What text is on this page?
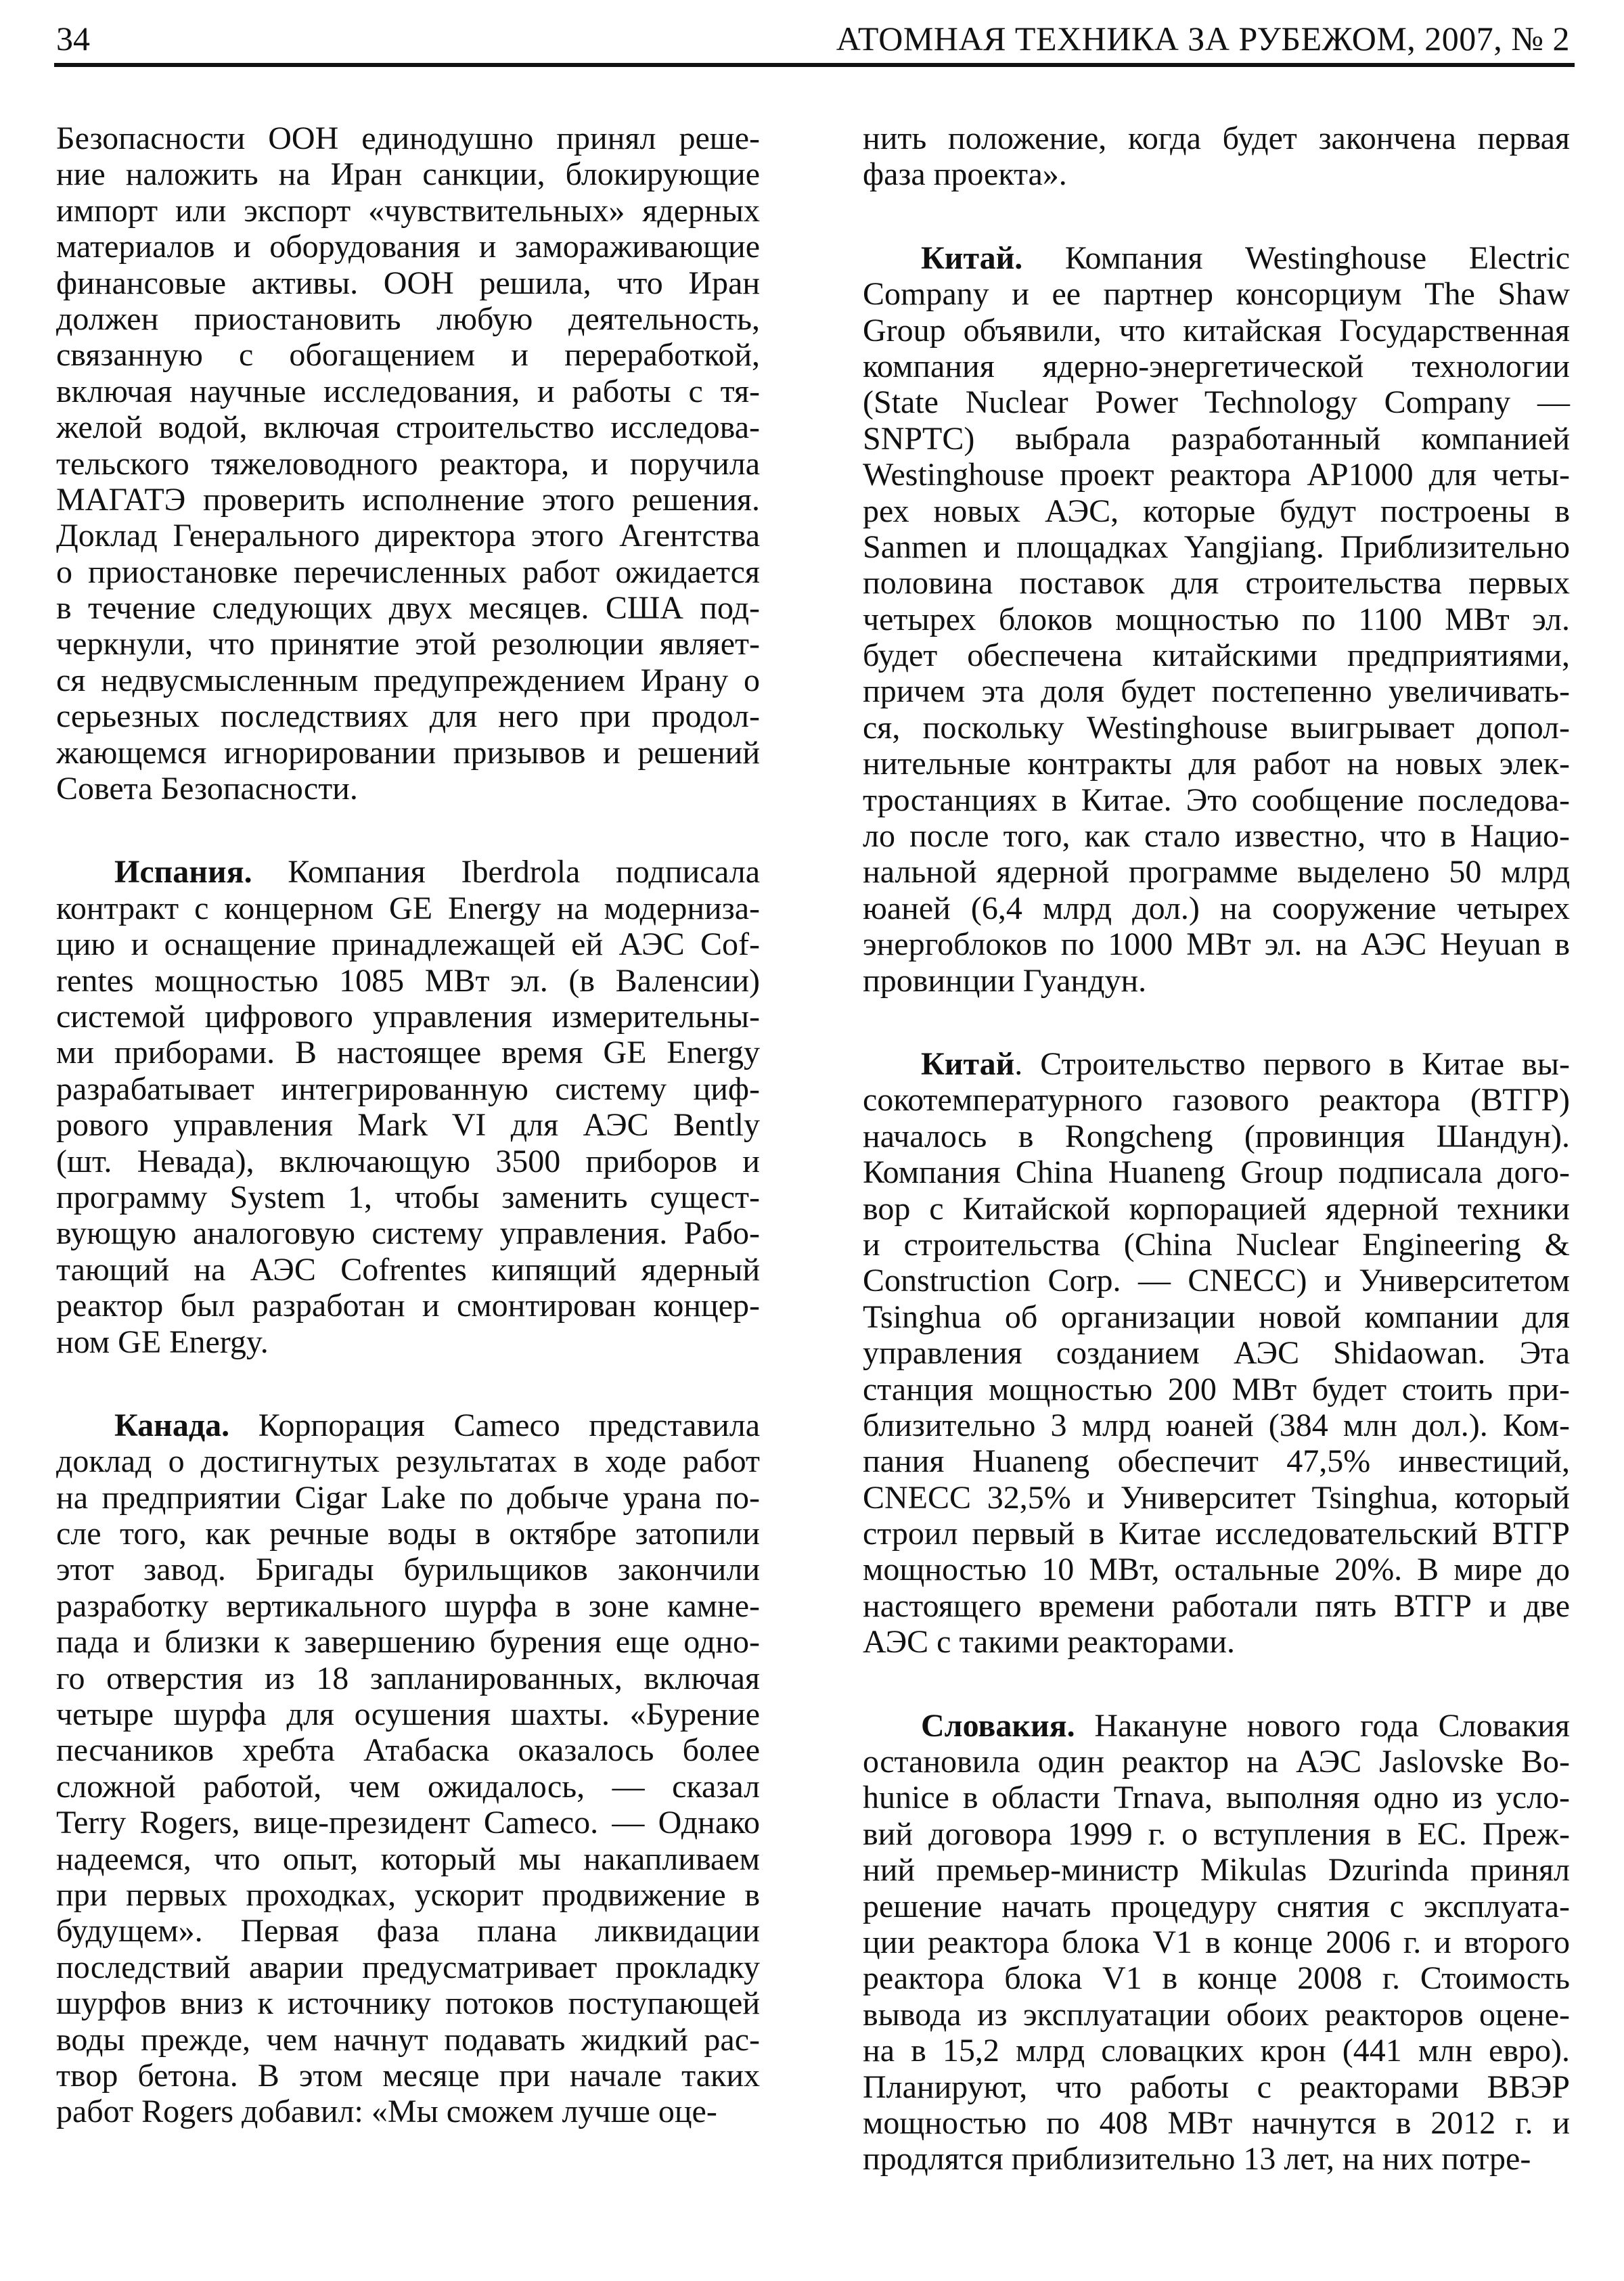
34	АТОМНАЯ ТЕХНИКА ЗА РУБЕЖОМ, 2007, № 2
Безопасности ООН единодушно принял реше-
ние наложить на Иран санкции, блокирующие
импорт или экспорт «чувствительных» ядерных
материалов и оборудования и замораживающие
финансовые активы. ООН решила, что Иран
должен приостановить любую деятельность,
связанную с обогащением и переработкой,
включая научные исследования, и работы с тя-
желой водой, включая строительство исследова-
тельского тяжеловодного реактора, и поручила
МАГАТЭ проверить исполнение этого решения.
Доклад Генерального директора этого Агентства
о приостановке перечисленных работ ожидается
в течение следующих двух месяцев. США под-
черкнули, что принятие этой резолюции являет-
ся недвусмысленным предупреждением Ирану о
серьезных последствиях для него при продол-
жающемся игнорировании призывов и решений
Совета Безопасности.
Испания. Компания Iberdrola подписала
контракт с концерном GE Energy на модерниза-
цию и оснащение принадлежащей ей АЭС Cof-
rentes мощностью 1085 МВт эл. (в Валенсии)
системой цифрового управления измерительны-
ми приборами. В настоящее время GE Energy
разрабатывает интегрированную систему циф-
рового управления Mark VI для АЭС Bently
(шт. Невада), включающую 3500 приборов и
программу System 1, чтобы заменить сущест-
вующую аналоговую систему управления. Рабо-
тающий на АЭС Cofrentes кипящий ядерный
реактор был разработан и смонтирован концер-
ном GE Energy.
Канада. Корпорация Cameco представила
доклад о достигнутых результатах в ходе работ
на предприятии Cigar Lake по добыче урана по-
сле того, как речные воды в октябре затопили
этот завод. Бригады бурильщиков закончили
разработку вертикального шурфа в зоне камне-
пада и близки к завершению бурения еще одно-
го отверстия из 18 запланированных, включая
четыре шурфа для осушения шахты. «Бурение
песчаников хребта Атабаска оказалось более
сложной работой, чем ожидалось, — сказал
Terry Rogers, вице-президент Cameco. — Однако
надеемся, что опыт, который мы накапливаем
при первых проходках, ускорит продвижение в
будущем». Первая фаза плана ликвидации
последствий аварии предусматривает прокладку
шурфов вниз к источнику потоков поступающей
воды прежде, чем начнут подавать жидкий рас-
твор бетона. В этом месяце при начале таких
работ Rogers добавил: «Мы сможем лучше оце-
нить положение, когда будет закончена первая
фаза проекта».
Китай. Компания Westinghouse Electric
Company и ее партнер консорциум The Shaw
Group объявили, что китайская Государственная
компания ядерно-энергетической технологии
(State Nuclear Power Technology Company —
SNPTC) выбрала разработанный компанией
Westinghouse проект реактора AP1000 для четы-
рех новых АЭС, которые будут построены в
Sanmen и площадках Yangjiang. Приблизительно
половина поставок для строительства первых
четырех блоков мощностью по 1100 МВт эл.
будет обеспечена китайскими предприятиями,
причем эта доля будет постепенно увеличивать-
ся, поскольку Westinghouse выигрывает допол-
нительные контракты для работ на новых элек-
тростанциях в Китае. Это сообщение последова-
ло после того, как стало известно, что в Нацио-
нальной ядерной программе выделено 50 млрд
юаней (6,4 млрд дол.) на сооружение четырех
энергоблоков по 1000 МВт эл. на АЭС Heyuan в
провинции Гуандун.
Китай. Строительство первого в Китае вы-
сокотемпературного газового реактора (ВТГР)
началось в Rongcheng (провинция Шандун).
Компания China Huaneng Group подписала дого-
вор с Китайской корпорацией ядерной техники
и строительства (China Nuclear Engineering &
Construction Corp. — CNECC) и Университетом
Tsinghua об организации новой компании для
управления созданием АЭС Shidaowan. Эта
станция мощностью 200 МВт будет стоить при-
близительно 3 млрд юаней (384 млн дол.). Ком-
пания Huaneng обеспечит 47,5% инвестиций,
CNECC 32,5% и Университет Tsinghua, который
строил первый в Китае исследовательский ВТГР
мощностью 10 МВт, остальные 20%. В мире до
настоящего времени работали пять ВТГР и две
АЭС с такими реакторами.
Словакия. Накануне нового года Словакия
остановила один реактор на АЭС Jaslovske Bo-
hunice в области Trnava, выполняя одно из усло-
вий договора 1999 г. о вступления в ЕС. Преж-
ний премьер-министр Mikulas Dzurinda принял
решение начать процедуру снятия с эксплуата-
ции реактора блока V1 в конце 2006 г. и второго
реактора блока V1 в конце 2008 г. Стоимость
вывода из эксплуатации обоих реакторов оцене-
на в 15,2 млрд словацких крон (441 млн евро).
Планируют, что работы с реакторами ВВЭР
мощностью по 408 МВт начнутся в 2012 г. и
продлятся приблизительно 13 лет, на них потре-
